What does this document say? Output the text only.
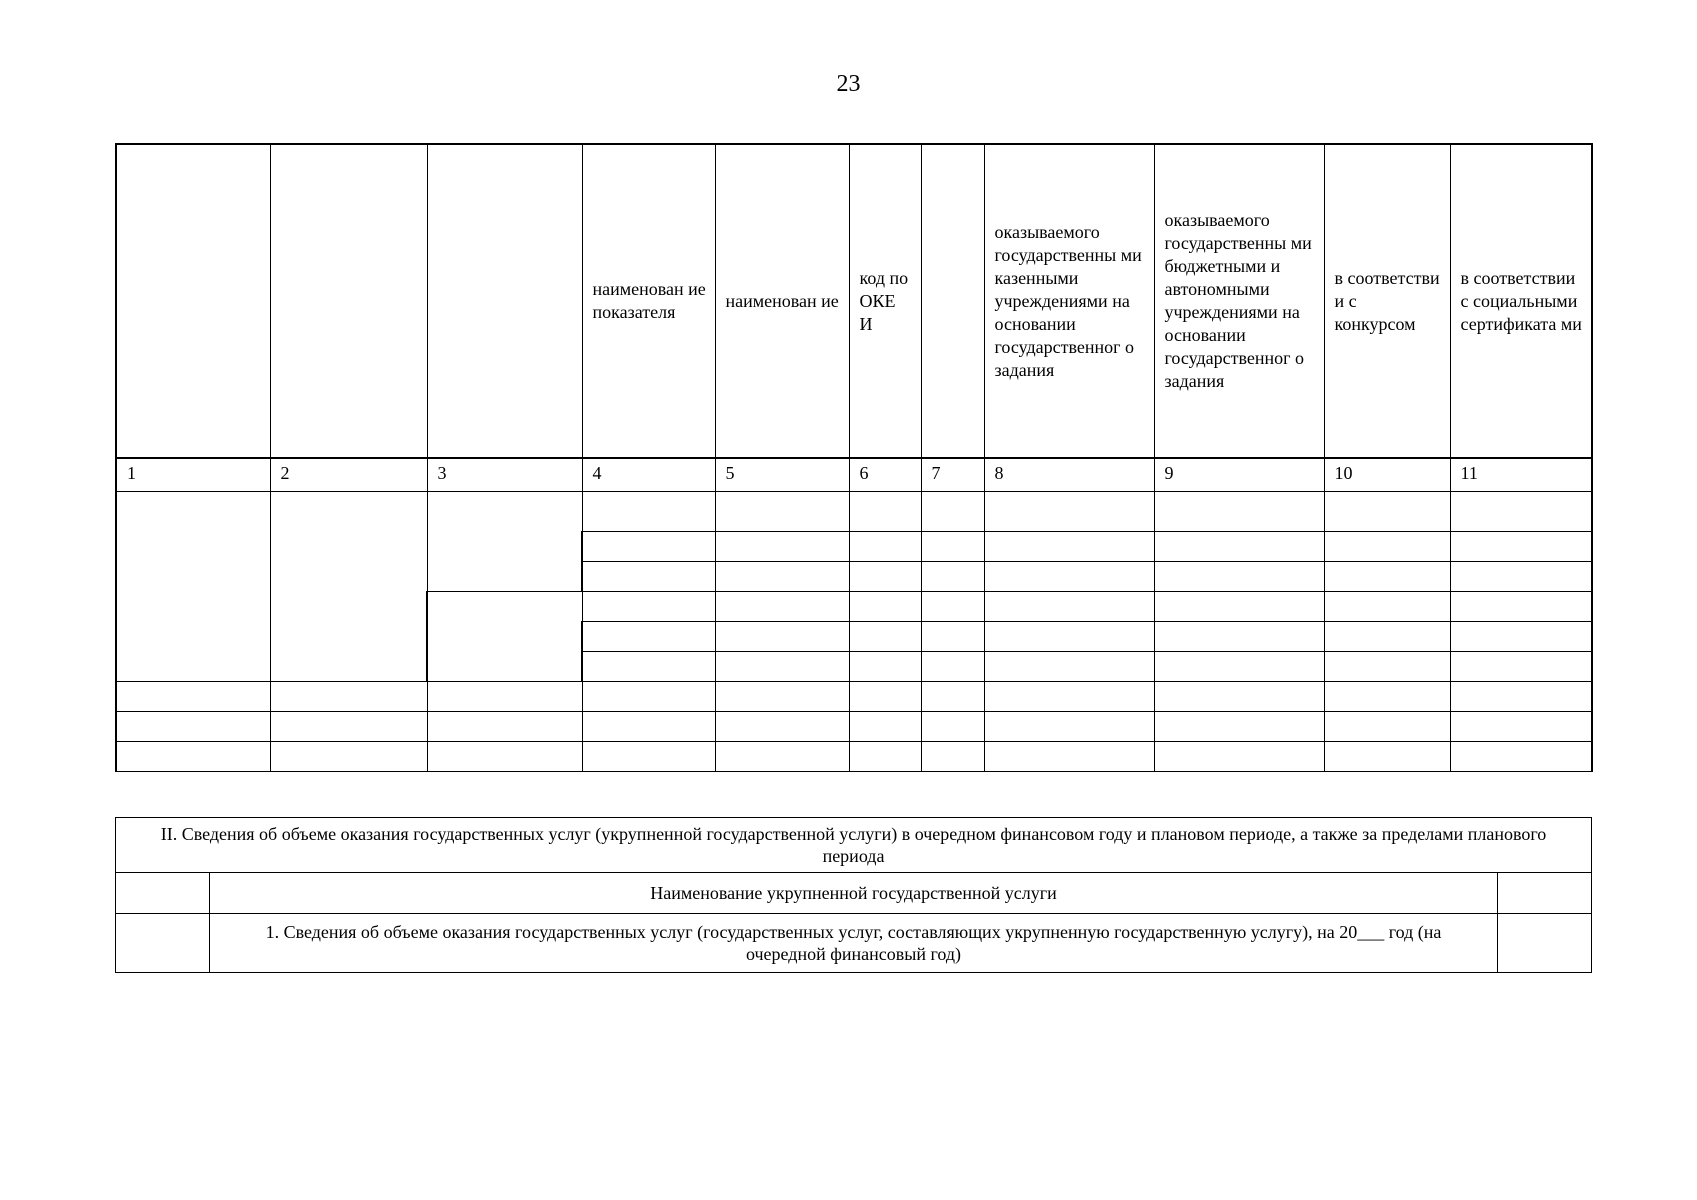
23

			наименован ие показателя	наименован ие	код по ОКЕ И		оказываемого государственны ми казенными учреждениями на основании государственног о задания	оказываемого государственны ми бюджетными и автономными учреждениями на основании государственног о задания	в соответстви и с конкурсом	в соответствии с социальными сертификата ми

1	2	3	4	5	6	7	8	9	10	11

II. Сведения об объеме оказания государственных услуг (укрупненной государственной услуги) в очередном финансовом году и плановом периоде, а также за пределами планового периода		
	Наименование укрупненной государственной услуги	
	1. Сведения об объеме оказания государственных услуг (государственных услуг, составляющих укрупненную государственную услугу), на 20___ год (на очередной финансовый год)	
